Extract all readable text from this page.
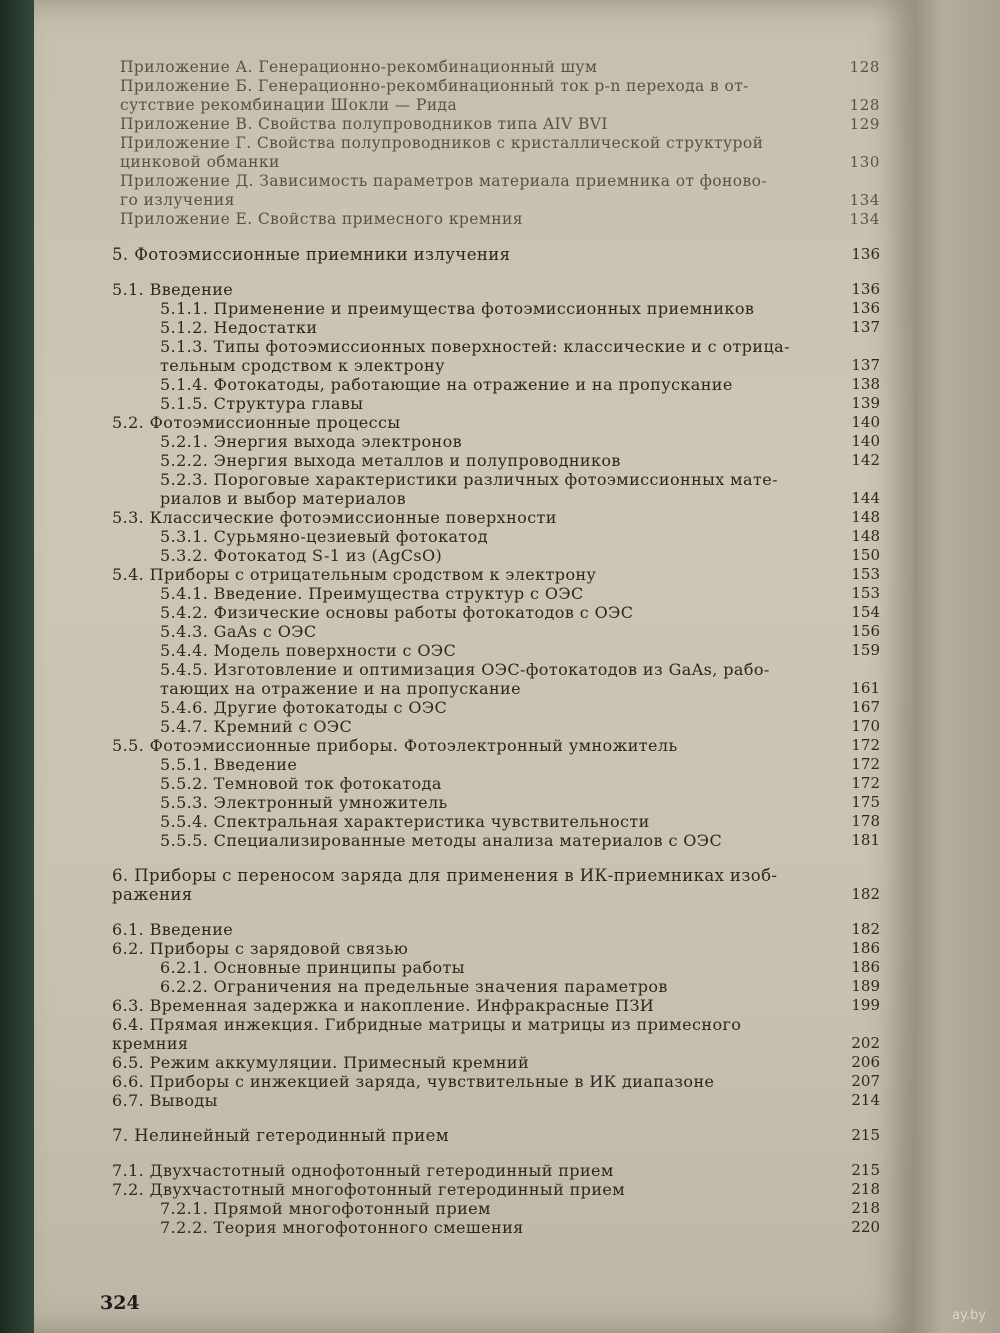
Приложение А. Генерационно-рекомбинационный шум	128
Приложение Б. Генерационно-рекомбинационный ток p-n перехода в от-
сутствие рекомбинации Шокли — Рида	128
Приложение В. Свойства полупроводников типа AIV BVI	129
Приложение Г. Свойства полупроводников с кристаллической структурой
цинковой обманки	130
Приложение Д. Зависимость параметров материала приемника от фоново-
го излучения	134
Приложение Е. Свойства примесного кремния	134
5. Фотоэмиссионные приемники излучения	136
5.1. Введение	136
5.1.1. Применение и преимущества фотоэмиссионных приемников	136
5.1.2. Недостатки	137
5.1.3. Типы фотоэмиссионных поверхностей: классические и с отрица-
тельным сродством к электрону	137
5.1.4. Фотокатоды, работающие на отражение и на пропускание	138
5.1.5. Структура главы	139
5.2. Фотоэмиссионные процессы	140
5.2.1. Энергия выхода электронов	140
5.2.2. Энергия выхода металлов и полупроводников	142
5.2.3. Пороговые характеристики различных фотоэмиссионных мате-
риалов и выбор материалов	144
5.3. Классические фотоэмиссионные поверхности	148
5.3.1. Сурьмяно-цезиевый фотокатод	148
5.3.2. Фотокатод S-1 из (AgCsO)	150
5.4. Приборы с отрицательным сродством к электрону	153
5.4.1. Введение. Преимущества структур с ОЭС	153
5.4.2. Физические основы работы фотокатодов с ОЭС	154
5.4.3. GaAs с ОЭС	156
5.4.4. Модель поверхности с ОЭС	159
5.4.5. Изготовление и оптимизация ОЭС-фотокатодов из GaAs, рабо-
тающих на отражение и на пропускание	161
5.4.6. Другие фотокатоды с ОЭС	167
5.4.7. Кремний с ОЭС	170
5.5. Фотоэмиссионные приборы. Фотоэлектронный умножитель	172
5.5.1. Введение	172
5.5.2. Темновой ток фотокатода	172
5.5.3. Электронный умножитель	175
5.5.4. Спектральная характеристика чувствительности	178
5.5.5. Специализированные методы анализа материалов с ОЭС	181
6. Приборы с переносом заряда для применения в ИК-приемниках изоб-
ражения	182
6.1. Введение	182
6.2. Приборы с зарядовой связью	186
6.2.1. Основные принципы работы	186
6.2.2. Ограничения на предельные значения параметров	189
6.3. Временная задержка и накопление. Инфракрасные ПЗИ	199
6.4. Прямая инжекция. Гибридные матрицы и матрицы из примесного
кремния	202
6.5. Режим аккумуляции. Примесный кремний	206
6.6. Приборы с инжекцией заряда, чувствительные в ИК диапазоне	207
6.7. Выводы	214
7. Нелинейный гетеродинный прием	215
7.1. Двухчастотный однофотонный гетеродинный прием	215
7.2. Двухчастотный многофотонный гетеродинный прием	218
7.2.1. Прямой многофотонный прием	218
7.2.2. Теория многофотонного смешения	220
324
ay.by
